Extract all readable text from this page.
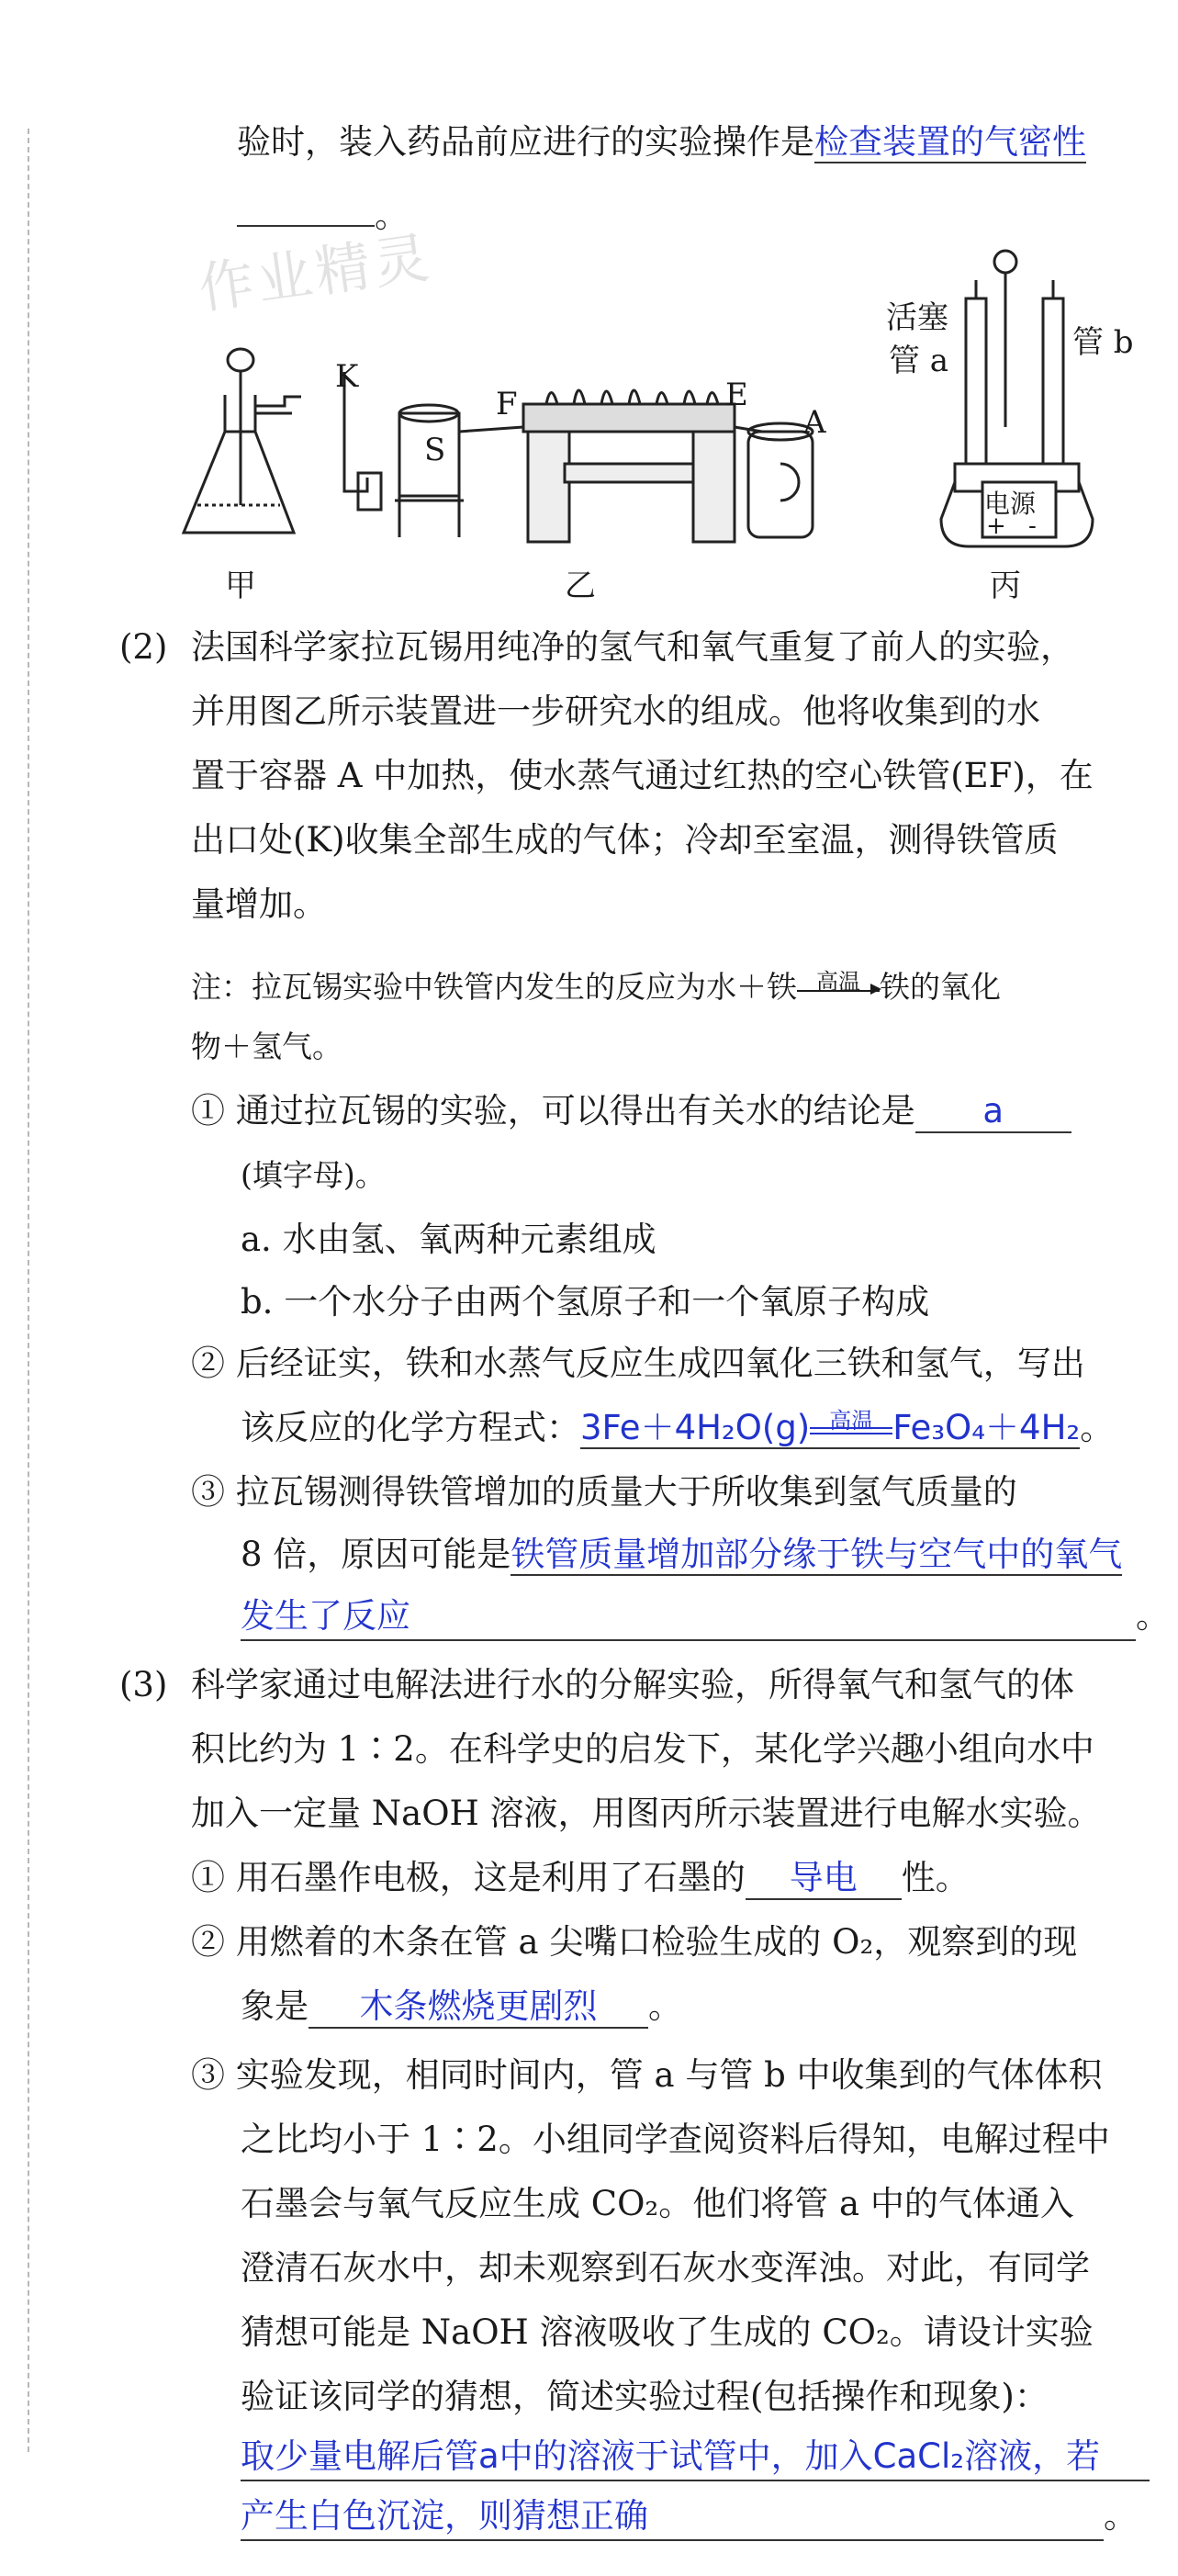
作业精灵
验时，装入药品前应进行的实验操作是检查装置的气密性
。
甲
K
F	E
A
S
乙
活塞
管 a	管 b
电源
+ -
丙
(2) 法国科学家拉瓦锡用纯净的氢气和氧气重复了前人的实验，
并用图乙所示装置进一步研究水的组成。他将收集到的水
置于容器 A 中加热，使水蒸气通过红热的空心铁管(EF)，在
出口处(K)收集全部生成的气体；冷却至室温，测得铁管质
量增加。
注：拉瓦锡实验中铁管内发生的反应为水＋铁 高温 铁的氧化
物＋氢气。
① 通过拉瓦锡的实验，可以得出有关水的结论是 a
(填字母)。
a. 水由氢、氧两种元素组成
b. 一个水分子由两个氢原子和一个氧原子构成
② 后经证实，铁和水蒸气反应生成四氧化三铁和氢气，写出
该反应的化学方程式：3Fe＋4H₂O(g) 高温 Fe₃O₄＋4H₂。
③ 拉瓦锡测得铁管增加的质量大于所收集到氢气质量的
8 倍，原因可能是铁管质量增加部分缘于铁与空气中的氧气
发生了反应	。
(3) 科学家通过电解法进行水的分解实验，所得氧气和氢气的体
积比约为 1∶2。在科学史的启发下，某化学兴趣小组向水中
加入一定量 NaOH 溶液，用图丙所示装置进行电解水实验。
① 用石墨作电极，这是利用了石墨的 导电 性。
② 用燃着的木条在管 a 尖嘴口检验生成的 O₂，观察到的现
象是 木条燃烧更剧烈 。
③ 实验发现，相同时间内，管 a 与管 b 中收集到的气体体积
之比均小于 1∶2。小组同学查阅资料后得知，电解过程中
石墨会与氧气反应生成 CO₂。他们将管 a 中的气体通入
澄清石灰水中，却未观察到石灰水变浑浊。对此，有同学
猜想可能是 NaOH 溶液吸收了生成的 CO₂。请设计实验
验证该同学的猜想，简述实验过程(包括操作和现象)：
取少量电解后管a中的溶液于试管中，加入CaCl₂溶液，若
产生白色沉淀，则猜想正确	。
